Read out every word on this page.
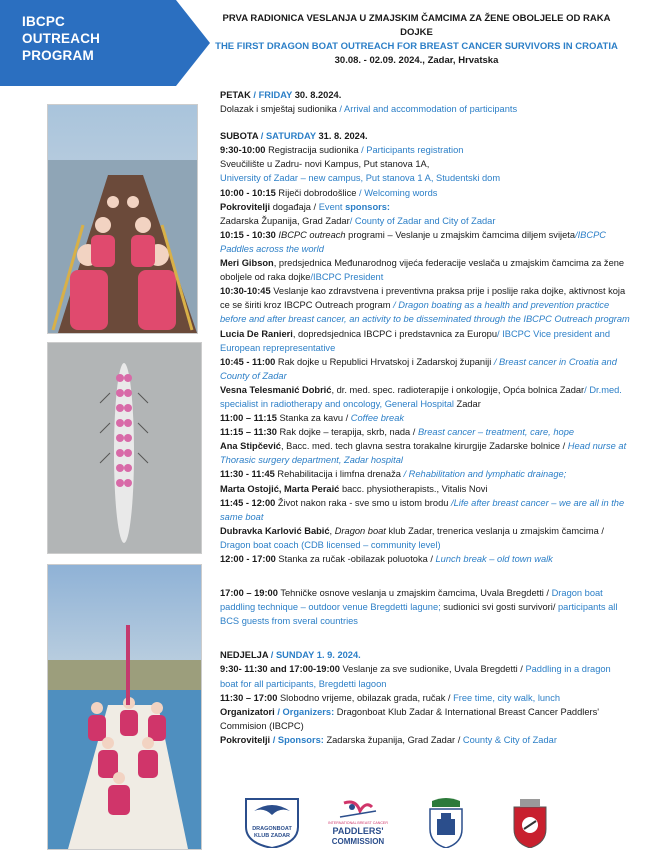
IBCPC
OUTREACH
PROGRAM
PRVA RADIONICA VESLANJA U ZMAJSKIM ČAMCIMA ZA ŽENE OBOLJELE OD RAKA
DOJKE
THE FIRST DRAGON BOAT OUTREACH FOR BREAST CANCER SURVIVORS IN CROATIA
30.08. - 02.09. 2024., Zadar, Hrvatska

PETAK / FRIDAY 30. 8.2024.

Dolazak i smještaj sudionika / Arrival and accommodation of participants

SUBOTA / SATURDAY 31. 8. 2024.

9:30-10:00 Registracija sudionika / Participants registration

Sveučilište u Zadru- novi Kampus, Put stanova 1A,

University of Zadar – new campus, Put stanova 1 A, Studentski dom

10:00 - 10:15 Riječi dobrodošlice / Welcoming words

Pokrovitelji događaja / Event sponsors:

Zadarska Županija, Grad Zadar/ County of Zadar and City of Zadar

10:15 - 10:30 IBCPC outreach programi – Veslanje u zmajskim čamcima diljem svijeta/IBCPC Paddles across the world

Meri Gibson, predsjednica Međunarodnog vijeća federacije veslača u zmajskim čamcima za žene oboljele od raka dojke/IBCPC President

10:30-10:45 Veslanje kao zdravstvena i preventivna praksa prije i poslije raka dojke, aktivnost koja ce se širiti kroz IBCPC Outreach program / Dragon boating as a health and prevention practice before and after breast cancer, an activity to be disseminated through the IBCPC Outreach program

Lucia De Ranieri, dopredsjednica IBCPC i predstavnica za Europu/ IBCPC Vice president and European reprepresentative

10:45 - 11:00 Rak dojke u Republici Hrvatskoj i Zadarskoj županiji / Breast cancer in Croatia and County of Zadar

Vesna Telesmanić Dobrić, dr. med. spec. radioterapije i onkologije, Opća bolnica Zadar/ Dr.med. specialist in radiotherapy and oncology, General Hospital Zadar

11:00 – 11:15 Stanka za kavu / Coffee break

11:15 – 11:30 Rak dojke – terapija, skrb, nada / Breast cancer – treatment, care, hope

Ana Stipčević, Bacc. med. tech glavna sestra torakalne kirurgije Zadarske bolnice / Head nurse at Thorasic surgery department, Zadar hospital

11:30 - 11:45 Rehabilitacija i limfna drenaža / Rehabilitation and lymphatic drainage;

Marta Ostojić, Marta Peraić bacc. physiotherapists., Vitalis Novi

11:45 - 12:00 Život nakon raka - sve smo u istom brodu /Life after breast cancer – we are all in the same boat

Dubravka Karlović Babić, Dragon boat klub Zadar, trenerica veslanja u zmajskim čamcima / Dragon boat coach (CDB licensed – community level)

12:00 - 17:00 Stanka za ručak -obilazak poluotoka / Lunch break – old town walk

17:00 – 19:00 Tehničke osnove veslanja u zmajskim čamcima, Uvala Bregdetti / Dragon boat paddling technique – outdoor venue Bregdetti lagune; sudionici svi gosti survivori/ participants all BCS guests from sveral countries

NEDJELJA / SUNDAY 1. 9. 2024.

9:30- 11:30 and 17:00-19:00 Veslanje za sve sudionike, Uvala Bregdetti / Paddling in a dragon boat for all participants, Bregdetti lagoon

11:30 – 17:00 Slobodno vrijeme, obilazak grada, ručak / Free time, city walk, lunch

Organizatori / Organizers: Dragonboat Klub Zadar & International Breast Cancer Paddlers' Commision (IBCPC)

Pokrovitelji / Sponsors: Zadarska županija, Grad Zadar / County & City of Zadar

DRAGONBOAT
KLUB ZADAR
INTERNATIONAL BREAST CANCER
PADDLERS'
COMMISSION
